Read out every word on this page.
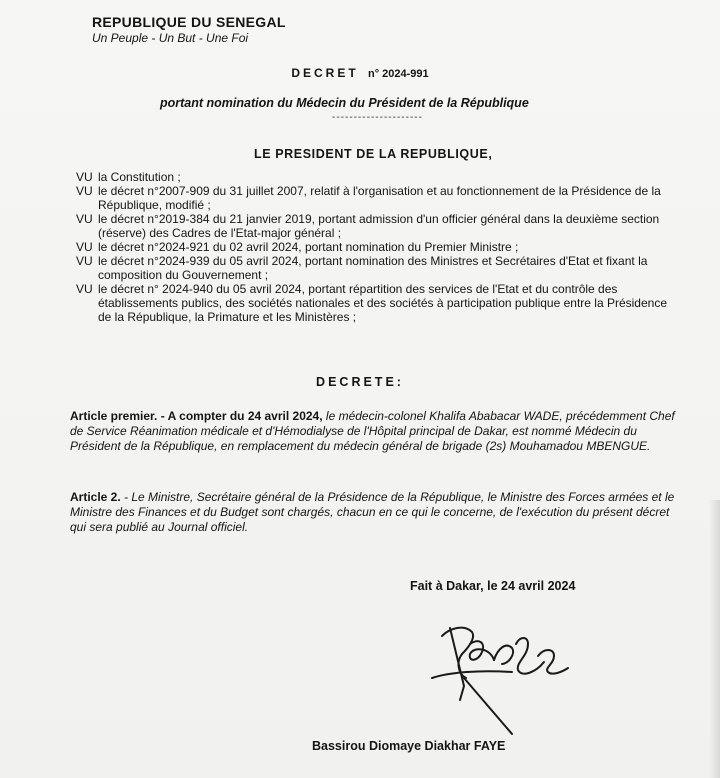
REPUBLIQUE DU SENEGAL
Un Peuple - Un But - Une Foi
DECRET n° 2024-991
portant nomination du Médecin du Président de la République
---------------------
LE PRESIDENT DE LA REPUBLIQUE,
VU la Constitution ;
VU le décret n°2007-909 du 31 juillet 2007, relatif à l'organisation et au fonctionnement de la Présidence de la République, modifié ;
VU le décret n°2019-384 du 21 janvier 2019, portant admission d'un officier général dans la deuxième section (réserve) des Cadres de l'Etat-major général ;
VU le décret n°2024-921 du 02 avril 2024, portant nomination du Premier Ministre ;
VU le décret n°2024-939 du 05 avril 2024, portant nomination des Ministres et Secrétaires d'Etat et fixant la composition du Gouvernement ;
VU le décret n° 2024-940 du 05 avril 2024, portant répartition des services de l'Etat et du contrôle des établissements publics, des sociétés nationales et des sociétés à participation publique entre la Présidence de la République, la Primature et les Ministères ;
DECRETE:
Article premier. - A compter du 24 avril 2024, le médecin-colonel Khalifa Ababacar WADE, précédemment Chef de Service Réanimation médicale et d'Hémodialyse de l'Hôpital principal de Dakar, est nommé Médecin du Président de la République, en remplacement du médecin général de brigade (2s) Mouhamadou MBENGUE.
Article 2. - Le Ministre, Secrétaire général de la Présidence de la République, le Ministre des Forces armées et le Ministre des Finances et du Budget sont chargés, chacun en ce qui le concerne, de l'exécution du présent décret qui sera publié au Journal officiel.
Fait à Dakar, le 24 avril 2024
Bassirou Diomaye Diakhar FAYE
